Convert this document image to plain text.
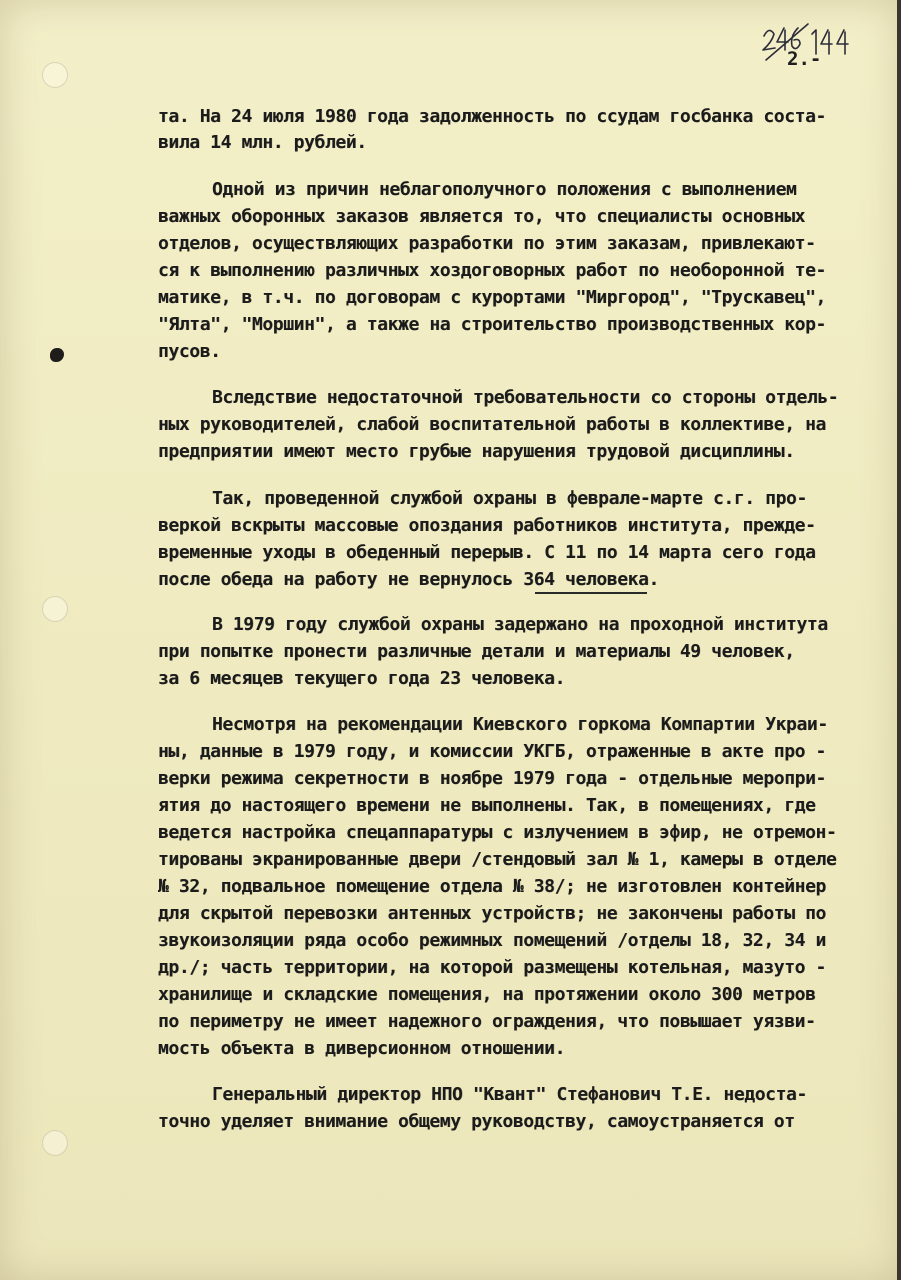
2.-

та. На 24 июля 1980 года задолженность по ссудам госбанка соста-

вила 14 млн. рублей.

Одной из причин неблагополучного положения с выполнением

важных оборонных заказов является то, что специалисты основных

отделов, осуществляющих разработки по этим заказам, привлекают-

ся к выполнению различных хоздоговорных работ по необоронной те-

матике, в т.ч. по договорам с курортами "Миргород", "Трускавец",

"Ялта", "Моршин", а также на строительство производственных кор-

пусов.

Вследствие недостаточной требовательности со стороны отдель-

ных руководителей, слабой воспитательной работы в коллективе, на

предприятии имеют место грубые нарушения трудовой дисциплины.

Так, проведенной службой охраны в феврале-марте с.г. про-

веркой вскрыты массовые опоздания работников института, прежде-

временные уходы в обеденный перерыв. С 11 по 14 марта сего года

после обеда на работу не вернулось 364 человека.

В 1979 году службой охраны задержано на проходной института

при попытке пронести различные детали и материалы 49 человек,

за 6 месяцев текущего года 23 человека.

Несмотря на рекомендации Киевского горкома Компартии Украи-

ны, данные в 1979 году, и комиссии УКГБ, отраженные в акте про -

верки режима секретности в ноябре 1979 года - отдельные меропри-

ятия до настоящего времени не выполнены. Так, в помещениях, где

ведется настройка спецаппаратуры с излучением в эфир, не отремон-

тированы экранированные двери /стендовый зал № 1, камеры в отделе

№ 32, подвальное помещение отдела № 38/; не изготовлен контейнер

для скрытой перевозки антенных устройств; не закончены работы по

звукоизоляции ряда особо режимных помещений /отделы 18, 32, 34 и

др./; часть территории, на которой размещены котельная, мазуто -

хранилище и складские помещения, на протяжении около 300 метров

по периметру не имеет надежного ограждения, что повышает уязви-

мость объекта в диверсионном отношении.

Генеральный директор НПО "Квант" Стефанович Т.Е. недоста-

точно уделяет внимание общему руководству, самоустраняется от
